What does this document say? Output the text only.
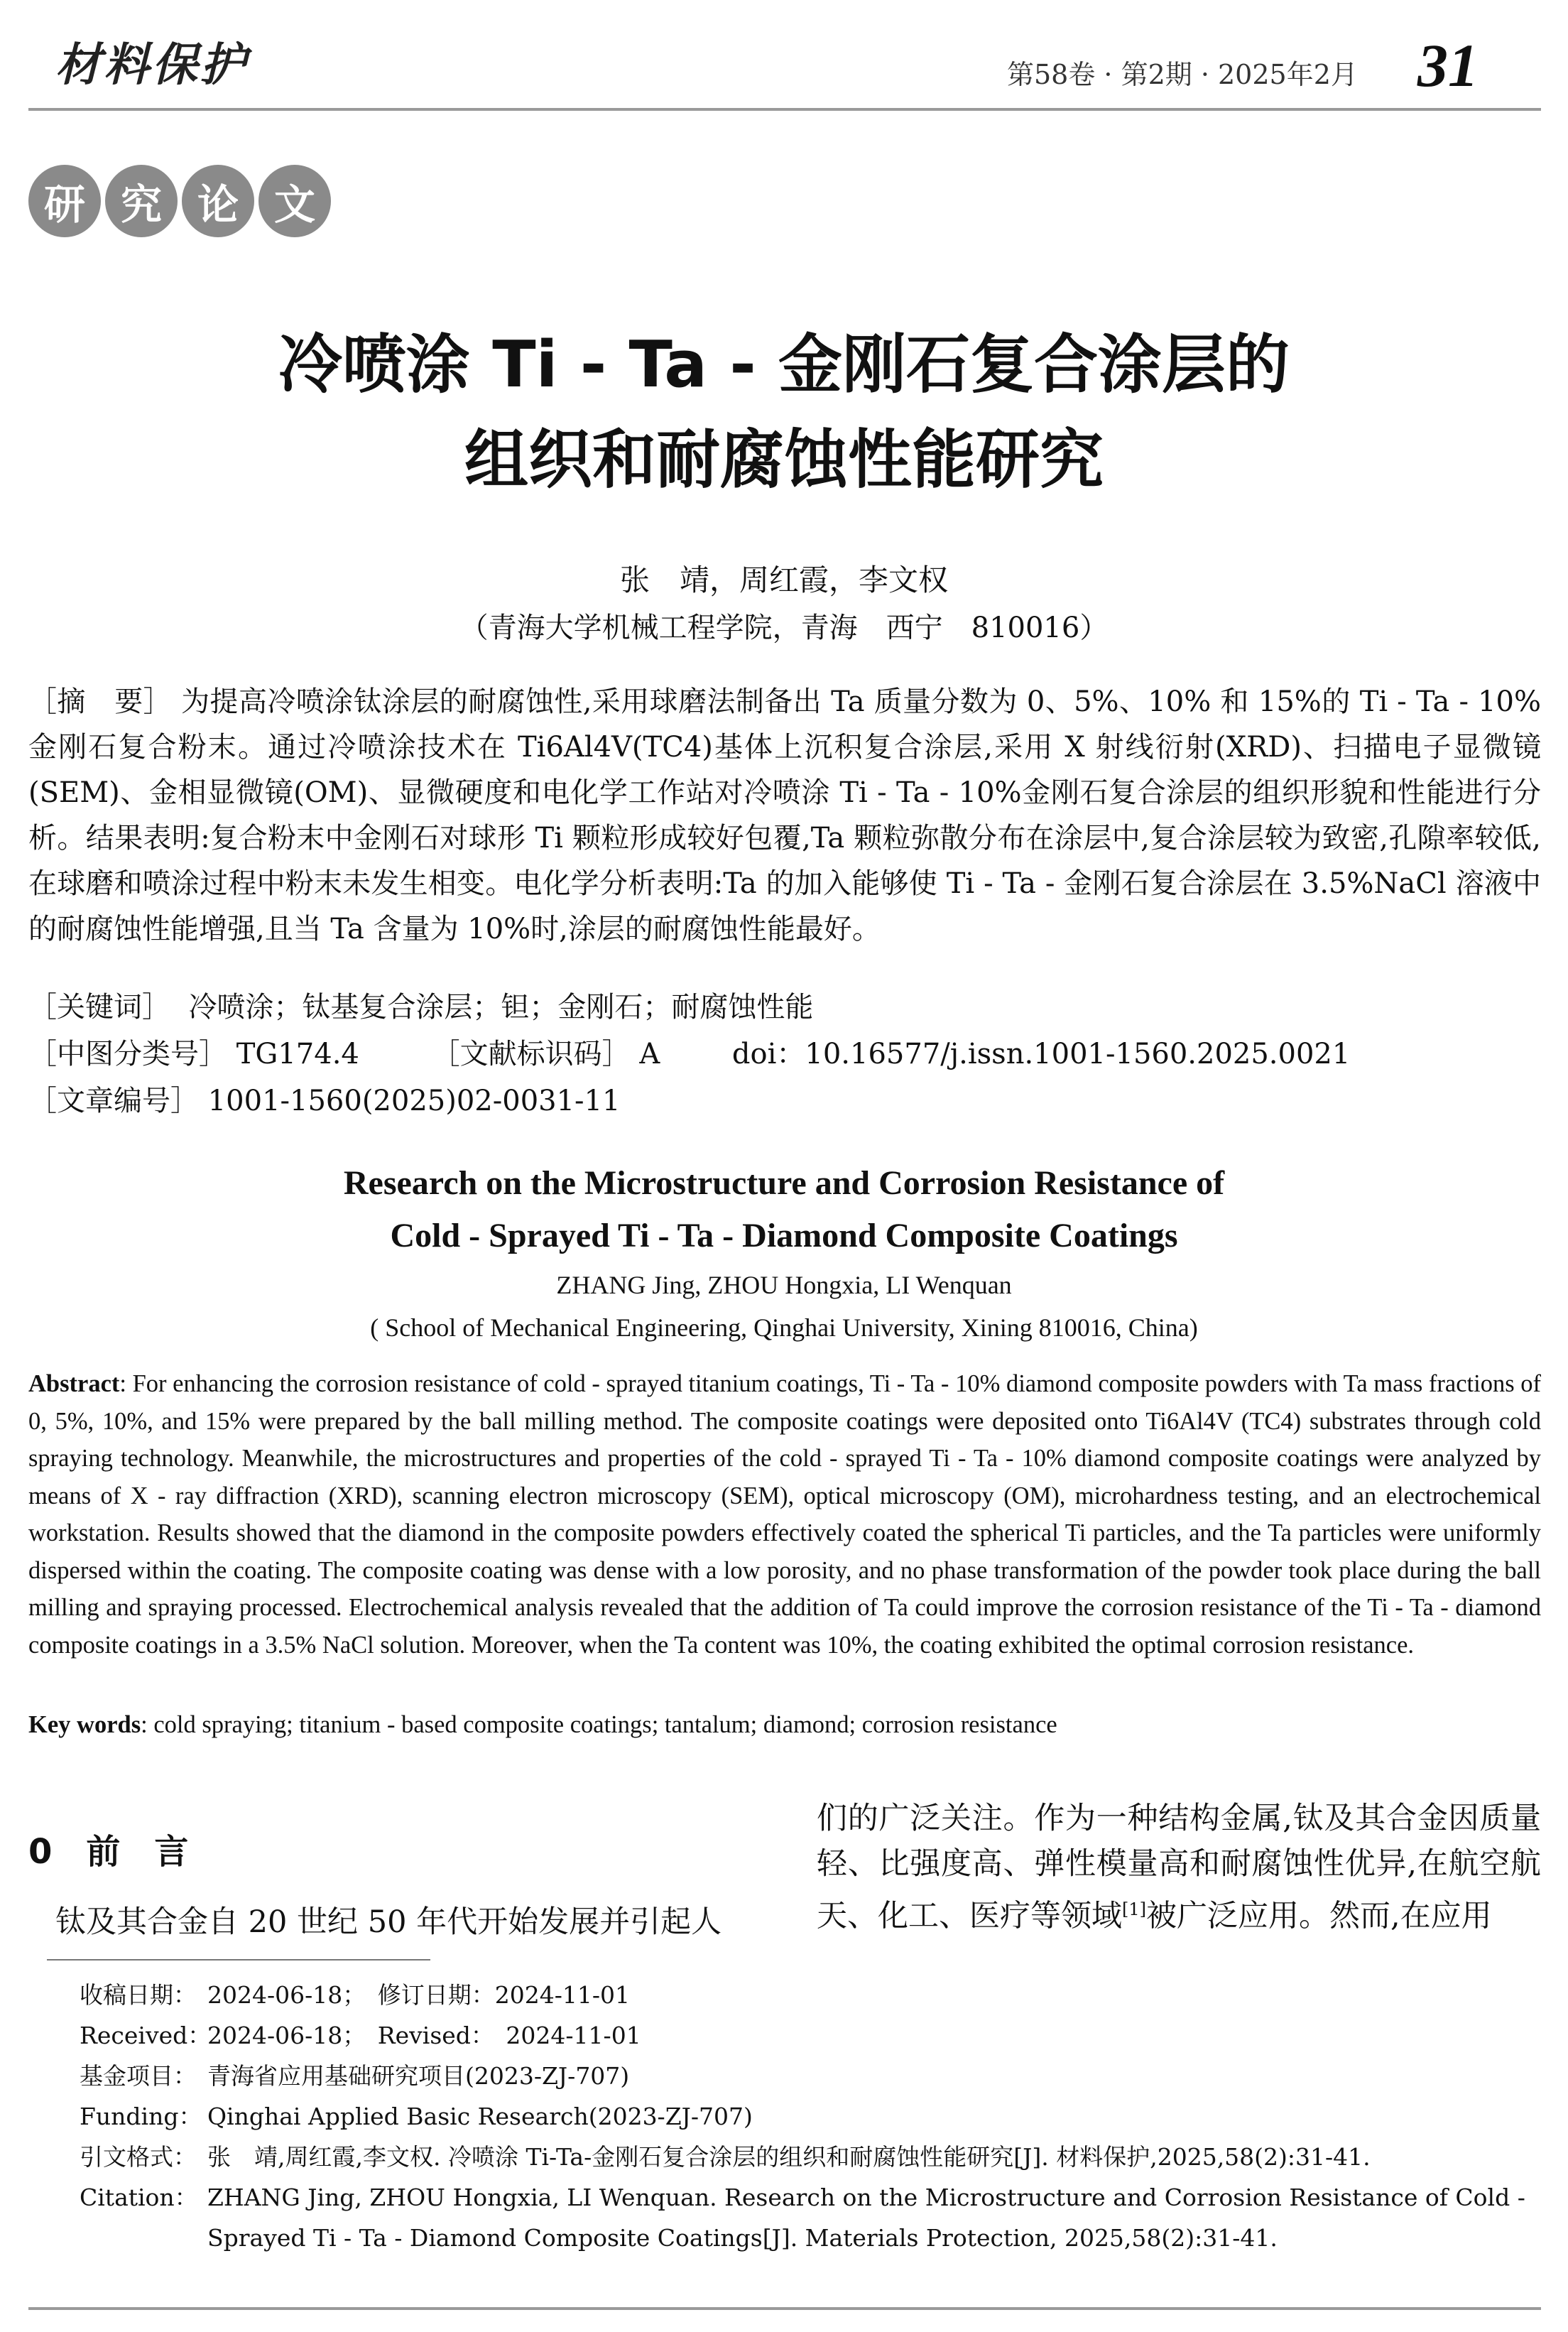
材料保护	第58卷 · 第2期 · 2025年2月 31
研 究 论 文
冷喷涂 Ti - Ta - 金刚石复合涂层的
组织和耐腐蚀性能研究
张　靖，周红霞，李文权
（青海大学机械工程学院，青海　西宁　810016）
［摘　要］ 为提高冷喷涂钛涂层的耐腐蚀性,采用球磨法制备出 Ta 质量分数为 0、5%、10% 和 15%的 Ti - Ta - 10% 金刚石复合粉末。通过冷喷涂技术在 Ti6Al4V(TC4)基体上沉积复合涂层,采用 X 射线衍射(XRD)、扫描电子显微镜(SEM)、金相显微镜(OM)、显微硬度和电化学工作站对冷喷涂 Ti - Ta - 10%金刚石复合涂层的组织形貌和性能进行分析。结果表明:复合粉末中金刚石对球形 Ti 颗粒形成较好包覆,Ta 颗粒弥散分布在涂层中,复合涂层较为致密,孔隙率较低,在球磨和喷涂过程中粉末未发生相变。电化学分析表明:Ta 的加入能够使 Ti - Ta - 金刚石复合涂层在 3.5%NaCl 溶液中的耐腐蚀性能增强,且当 Ta 含量为 10%时,涂层的耐腐蚀性能最好。
［关键词］ 冷喷涂；钛基复合涂层；钽；金刚石；耐腐蚀性能
［中图分类号］ TG174.4	［文献标识码］ A	doi：10.16577/j.issn.1001-1560.2025.0021
［文章编号］ 1001-1560(2025)02-0031-11
Research on the Microstructure and Corrosion Resistance of
Cold - Sprayed Ti - Ta - Diamond Composite Coatings
ZHANG Jing, ZHOU Hongxia, LI Wenquan
( School of Mechanical Engineering, Qinghai University, Xining 810016, China)
Abstract: For enhancing the corrosion resistance of cold - sprayed titanium coatings, Ti - Ta - 10% diamond composite powders with Ta mass fractions of 0, 5%, 10%, and 15% were prepared by the ball milling method. The composite coatings were deposited onto Ti6Al4V (TC4) substrates through cold spraying technology. Meanwhile, the microstructures and properties of the cold - sprayed Ti - Ta - 10% diamond composite coatings were analyzed by means of X - ray diffraction (XRD), scanning electron microscopy (SEM), optical microscopy (OM), microhardness testing, and an electrochemical workstation. Results showed that the diamond in the composite powders effectively coated the spherical Ti particles, and the Ta particles were uniformly dispersed within the coating. The composite coating was dense with a low porosity, and no phase transformation of the powder took place during the ball milling and spraying processed. Electrochemical analysis revealed that the addition of Ta could improve the corrosion resistance of the Ti - Ta - diamond composite coatings in a 3.5% NaCl solution. Moreover, when the Ta content was 10%, the coating exhibited the optimal corrosion resistance.
Key words: cold spraying; titanium - based composite coatings; tantalum; diamond; corrosion resistance
0　前　言
钛及其合金自 20 世纪 50 年代开始发展并引起人

们的广泛关注。作为一种结构金属,钛及其合金因质量轻、比强度高、弹性模量高和耐腐蚀性优异,在航空航天、化工、医疗等领域[1]被广泛应用。然而,在应用

收稿日期： 2024-06-18；　修订日期：2024-11-01
Received：
2024-06-18；　Revised：　2024-11-01
基金项目： 青海省应用基础研究项目(2023-ZJ-707)
Funding： Qinghai Applied Basic Research(2023-ZJ-707)
引文格式： 张　靖,周红霞,李文权. 冷喷涂 Ti-Ta-金刚石复合涂层的组织和耐腐蚀性能研究[J]. 材料保护,2025,58(2):31-41.
Citation： ZHANG Jing, ZHOU Hongxia, LI Wenquan. Research on the Microstructure and Corrosion Resistance of Cold - Sprayed Ti - Ta - Diamond Composite Coatings[J]. Materials Protection, 2025,58(2):31-41.
